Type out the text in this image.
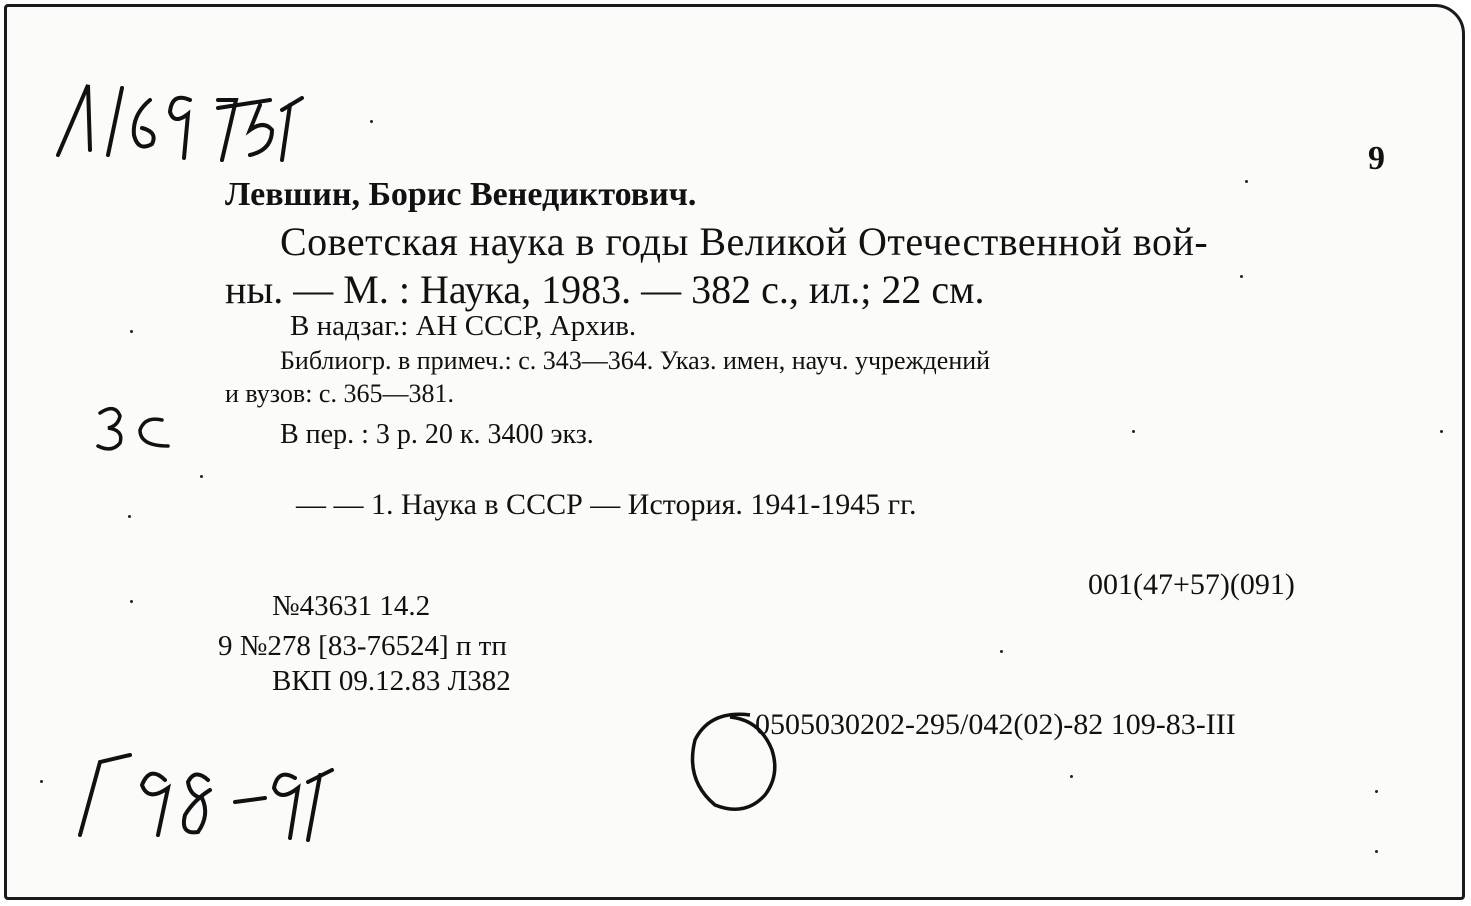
9
Левшин, Борис Венедиктович.
Советская наука в годы Великой Отечественной вой-
ны. — М. : Наука, 1983. — 382 с., ил.; 22 см.
В надзаг.: АН СССР, Архив.
Библиогр. в примеч.: с. 343—364. Указ. имен, науч. учреждений
и вузов: с. 365—381.
В пер. : 3 р. 20 к. 3400 экз.
— — 1. Наука в СССР — История. 1941-1945 гг.
001(47+57)(091)
№43631 14.2
9 №278 [83-76524] п тп
ВКП 09.12.83 Л382
0505030202-295/042(02)-82 109-83-III
